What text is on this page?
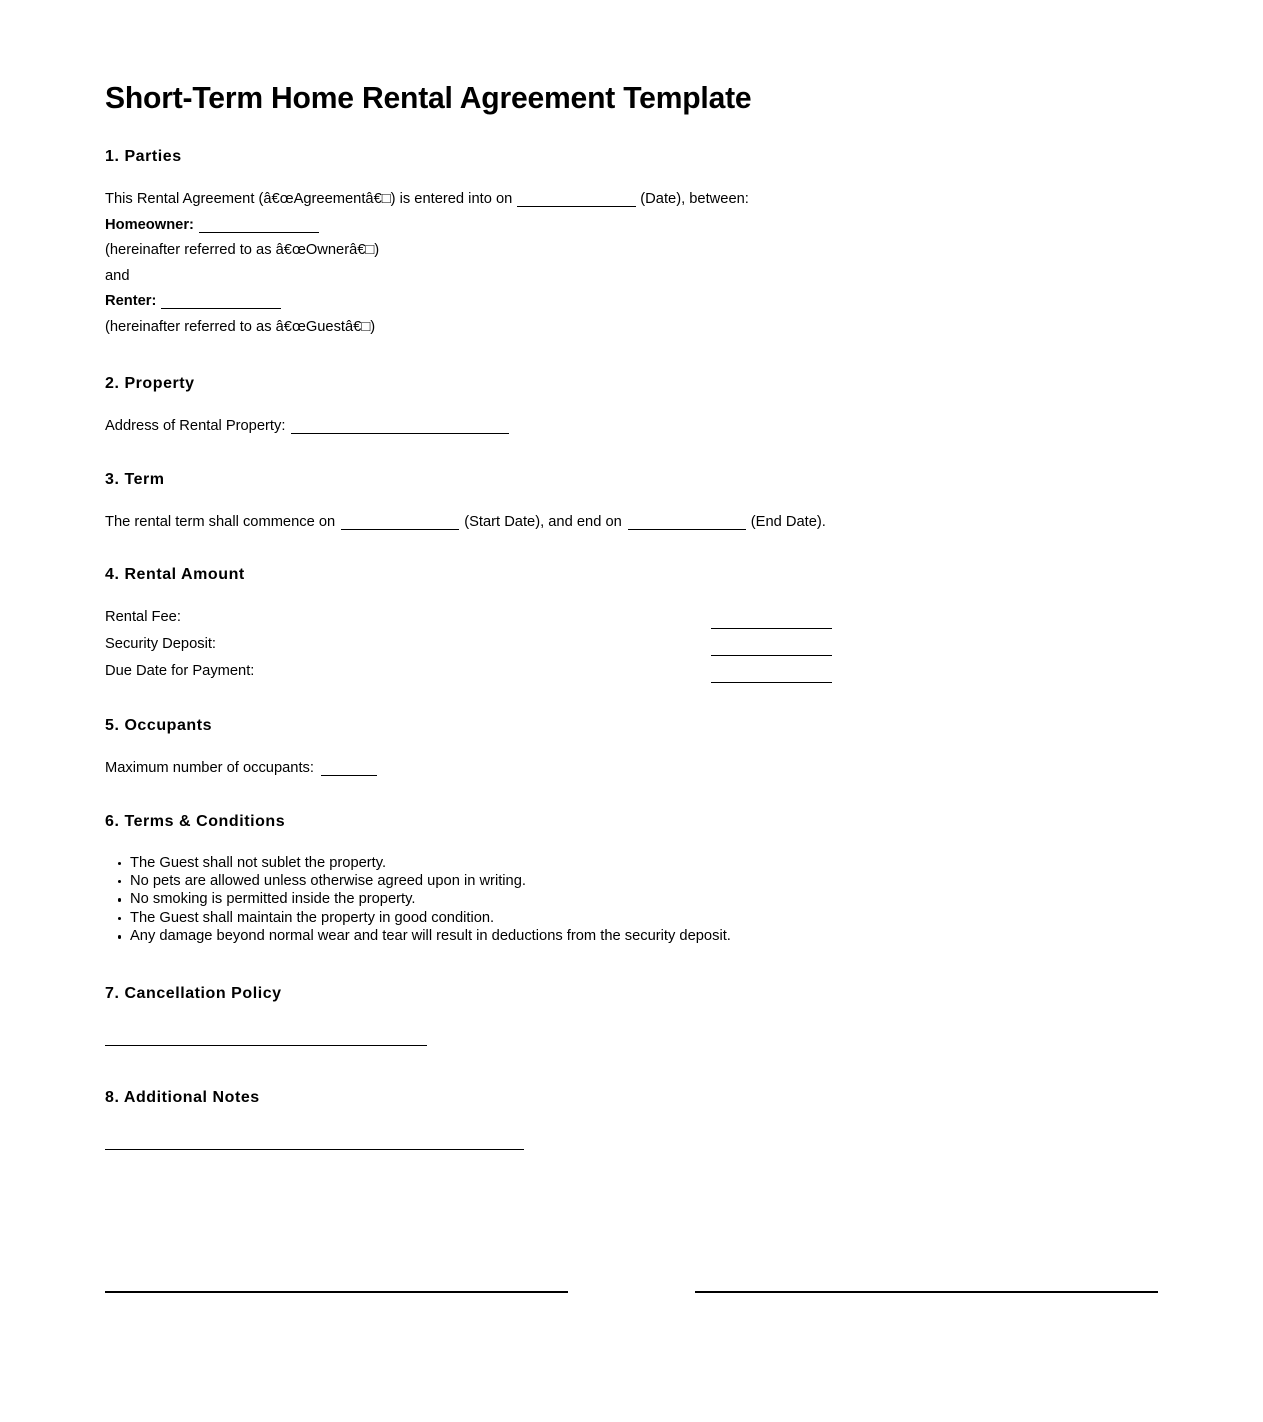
Short-Term Home Rental Agreement Template
1. Parties
This Rental Agreement (â€œAgreementâ€□) is entered into on	(Date), between:
Homeowner:
(hereinafter referred to as â€œOwnerâ€□)
and
Renter:
(hereinafter referred to as â€œGuestâ€□)
2. Property
Address of Rental Property:
3. Term
The rental term shall commence on	(Start Date), and end on	(End Date).
4. Rental Amount
Rental Fee:
Security Deposit:
Due Date for Payment:
5. Occupants
Maximum number of occupants:
6. Terms & Conditions
The Guest shall not sublet the property.
No pets are allowed unless otherwise agreed upon in writing.
No smoking is permitted inside the property.
The Guest shall maintain the property in good condition.
Any damage beyond normal wear and tear will result in deductions from the security deposit.
7. Cancellation Policy
8. Additional Notes
